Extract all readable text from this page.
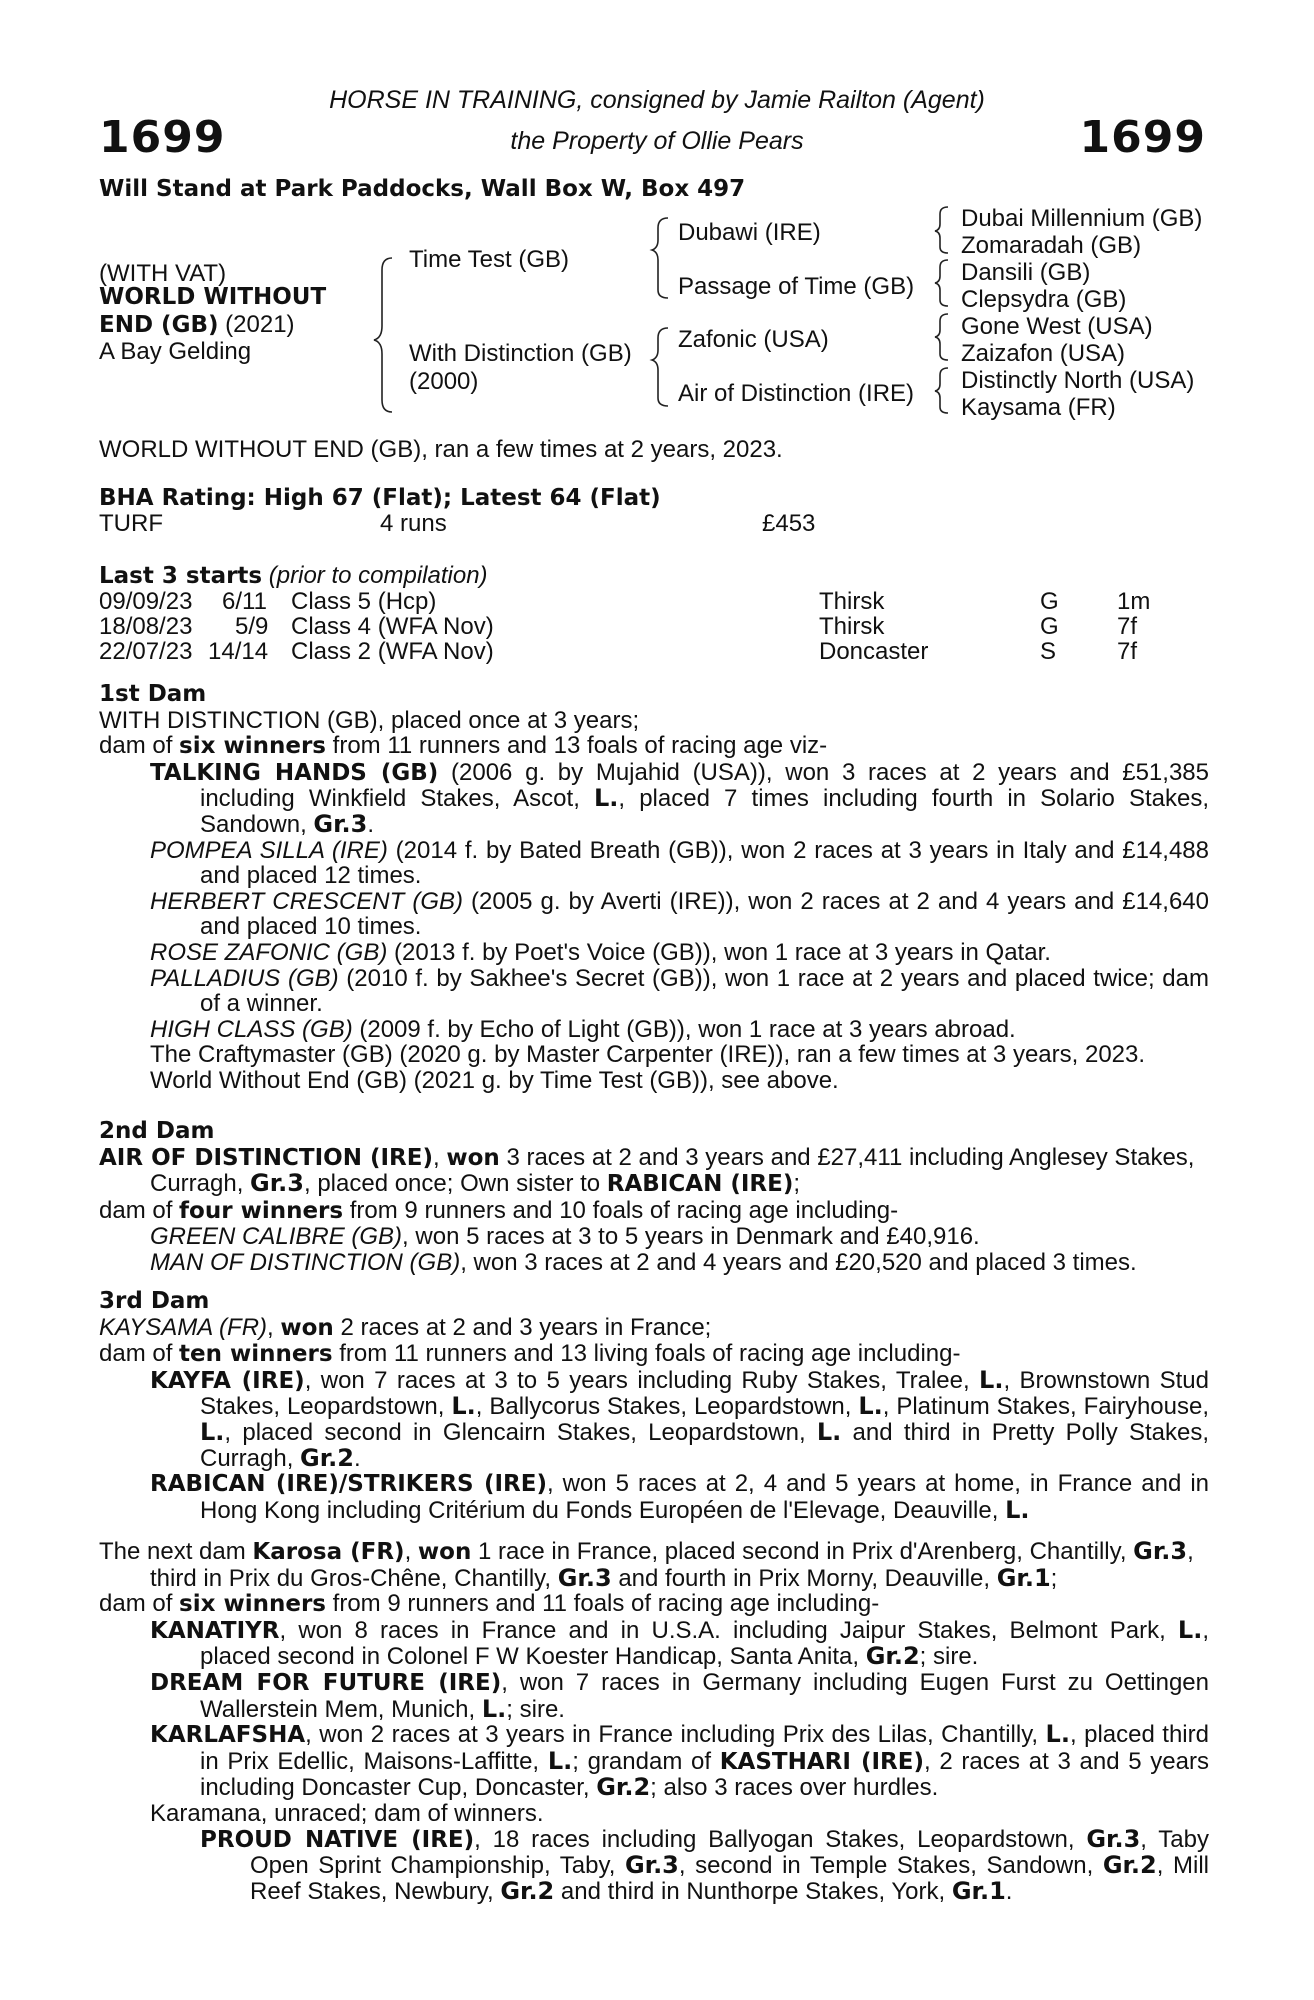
1699	1699
HORSE IN TRAINING, consigned by Jamie Railton (Agent)
the Property of Ollie Pears
Will Stand at Park Paddocks, Wall Box W, Box 497
(WITH VAT)
WORLD WITHOUT
END (GB) (2021)
A Bay Gelding
Time Test (GB)
With Distinction (GB)
(2000)
Dubawi (IRE)
Passage of Time (GB)
Zafonic (USA)
Air of Distinction (IRE)
Dubai Millennium (GB)
Zomaradah (GB)
Dansili (GB)
Clepsydra (GB)
Gone West (USA)
Zaizafon (USA)
Distinctly North (USA)
Kaysama (FR)
WORLD WITHOUT END (GB), ran a few times at 2 years, 2023.
BHA Rating: High 67 (Flat); Latest 64 (Flat)
TURF	4 runs	£453
Last 3 starts (prior to compilation)
09/09/23 6/11 Class 5 (Hcp)	Thirsk	G 1m
18/08/23 5/9 Class 4 (WFA Nov)	Thirsk	G 7f
22/07/23 14/14 Class 2 (WFA Nov)	Doncaster	S	7f

1st Dam

WITH DISTINCTION (GB), placed once at 3 years;

dam of six winners from 11 runners and 13 foals of racing age viz-

TALKING HANDS (GB) (2006 g. by Mujahid (USA)), won 3 races at 2 years and £51,385 including Winkfield Stakes, Ascot, L., placed 7 times including fourth in Solario Stakes, Sandown, Gr.3.

POMPEA SILLA (IRE) (2014 f. by Bated Breath (GB)), won 2 races at 3 years in Italy and £14,488 and placed 12 times.

HERBERT CRESCENT (GB) (2005 g. by Averti (IRE)), won 2 races at 2 and 4 years and £14,640 and placed 10 times.

ROSE ZAFONIC (GB) (2013 f. by Poet's Voice (GB)), won 1 race at 3 years in Qatar.

PALLADIUS (GB) (2010 f. by Sakhee's Secret (GB)), won 1 race at 2 years and placed twice; dam of a winner.

HIGH CLASS (GB) (2009 f. by Echo of Light (GB)), won 1 race at 3 years abroad.

The Craftymaster (GB) (2020 g. by Master Carpenter (IRE)), ran a few times at 3 years, 2023.

World Without End (GB) (2021 g. by Time Test (GB)), see above.

2nd Dam

AIR OF DISTINCTION (IRE), won 3 races at 2 and 3 years and £27,411 including Anglesey Stakes, Curragh, Gr.3, placed once; Own sister to RABICAN (IRE);

dam of four winners from 9 runners and 10 foals of racing age including-

GREEN CALIBRE (GB), won 5 races at 3 to 5 years in Denmark and £40,916.

MAN OF DISTINCTION (GB), won 3 races at 2 and 4 years and £20,520 and placed 3 times.

3rd Dam

KAYSAMA (FR), won 2 races at 2 and 3 years in France;

dam of ten winners from 11 runners and 13 living foals of racing age including-

KAYFA (IRE), won 7 races at 3 to 5 years including Ruby Stakes, Tralee, L., Brownstown Stud Stakes, Leopardstown, L., Ballycorus Stakes, Leopardstown, L., Platinum Stakes, Fairyhouse, L., placed second in Glencairn Stakes, Leopardstown, L. and third in Pretty Polly Stakes, Curragh, Gr.2.

RABICAN (IRE)/STRIKERS (IRE), won 5 races at 2, 4 and 5 years at home, in France and in Hong Kong including Critérium du Fonds Européen de l'Elevage, Deauville, L.

The next dam Karosa (FR), won 1 race in France, placed second in Prix d'Arenberg, Chantilly, Gr.3, third in Prix du Gros-Chêne, Chantilly, Gr.3 and fourth in Prix Morny, Deauville, Gr.1;

dam of six winners from 9 runners and 11 foals of racing age including-

KANATIYR, won 8 races in France and in U.S.A. including Jaipur Stakes, Belmont Park, L., placed second in Colonel F W Koester Handicap, Santa Anita, Gr.2; sire.

DREAM FOR FUTURE (IRE), won 7 races in Germany including Eugen Furst zu Oettingen Wallerstein Mem, Munich, L.; sire.

KARLAFSHA, won 2 races at 3 years in France including Prix des Lilas, Chantilly, L., placed third in Prix Edellic, Maisons-Laffitte, L.; grandam of KASTHARI (IRE), 2 races at 3 and 5 years including Doncaster Cup, Doncaster, Gr.2; also 3 races over hurdles.

Karamana, unraced; dam of winners.

PROUD NATIVE (IRE), 18 races including Ballyogan Stakes, Leopardstown, Gr.3, Taby Open Sprint Championship, Taby, Gr.3, second in Temple Stakes, Sandown, Gr.2, Mill Reef Stakes, Newbury, Gr.2 and third in Nunthorpe Stakes, York, Gr.1.
